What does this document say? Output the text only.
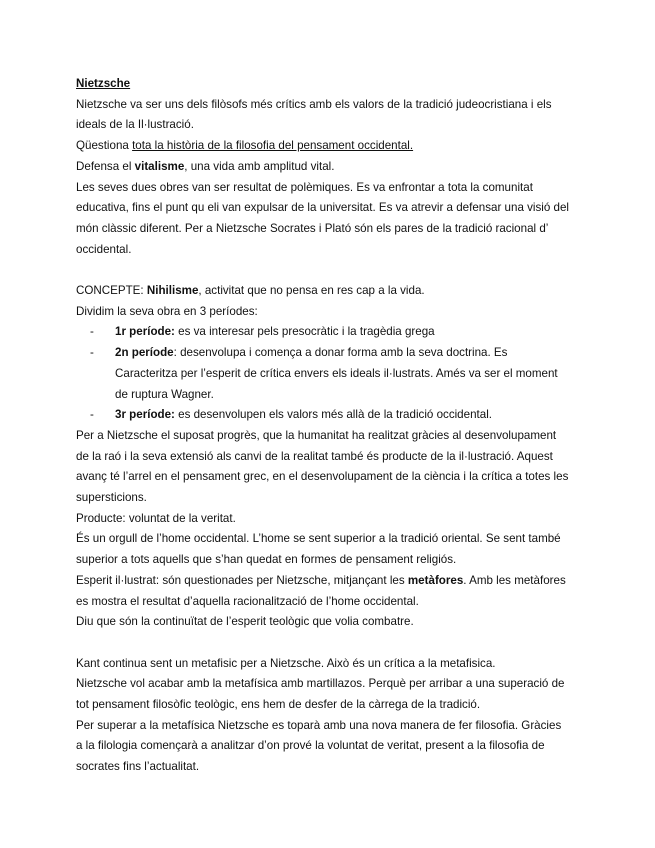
Nietzsche
Nietzsche va ser uns dels filòsofs més crítics amb els valors de la tradició judeocristiana i els
ideals de la Il·lustració.
Qüestiona tota la història de la filosofia del pensament occidental.
Defensa el vitalisme, una vida amb amplitud vital.
Les seves dues obres van ser resultat de polèmiques. Es va enfrontar a tota la comunitat
educativa, fins el punt qu eli van expulsar de la universitat. Es va atrevir a defensar una visió del
món clàssic diferent. Per a Nietzsche Socrates i Plató són els pares de la tradició racional d’
occidental.
CONCEPTE: Nihilisme, activitat que no pensa en res cap a la vida.
Dividim la seva obra en 3 períodes:
- 1r període: es va interesar pels presocràtic i la tragèdia grega
- 2n període: desenvolupa i comença a donar forma amb la seva doctrina. Es
Caracteritza per l’esperit de crítica envers els ideals il·lustrats. Amés va ser el moment
de ruptura Wagner.
- 3r període: es desenvolupen els valors més allà de la tradició occidental.
Per a Nietzsche el suposat progrès, que la humanitat ha realitzat gràcies al desenvolupament
de la raó i la seva extensió als canvi de la realitat també és producte de la il·lustració. Aquest
avanç té l’arrel en el pensament grec, en el desenvolupament de la ciència i la crítica a totes les
supersticions.
Producte: voluntat de la veritat.
És un orgull de l’home occidental. L’home se sent superior a la tradició oriental. Se sent també
superior a tots aquells que s’han quedat en formes de pensament religiós.
Esperit il·lustrat: són questionades per Nietzsche, mitjançant les metàfores. Amb les metàfores
es mostra el resultat d’aquella racionalització de l’home occidental.
Diu que són la continuïtat de l’esperit teològic que volia combatre.
Kant continua sent un metafisic per a Nietzsche. Això és un crítica a la metafisica.
Nietzsche vol acabar amb la metafísica amb martillazos. Perquè per arribar a una superació de
tot pensament filosòfic teològic, ens hem de desfer de la càrrega de la tradició.
Per superar a la metafísica Nietzsche es toparà amb una nova manera de fer filosofia. Gràcies
a la filologia començarà a analitzar d’on prové la voluntat de veritat, present a la filosofia de
socrates fins l’actualitat.
